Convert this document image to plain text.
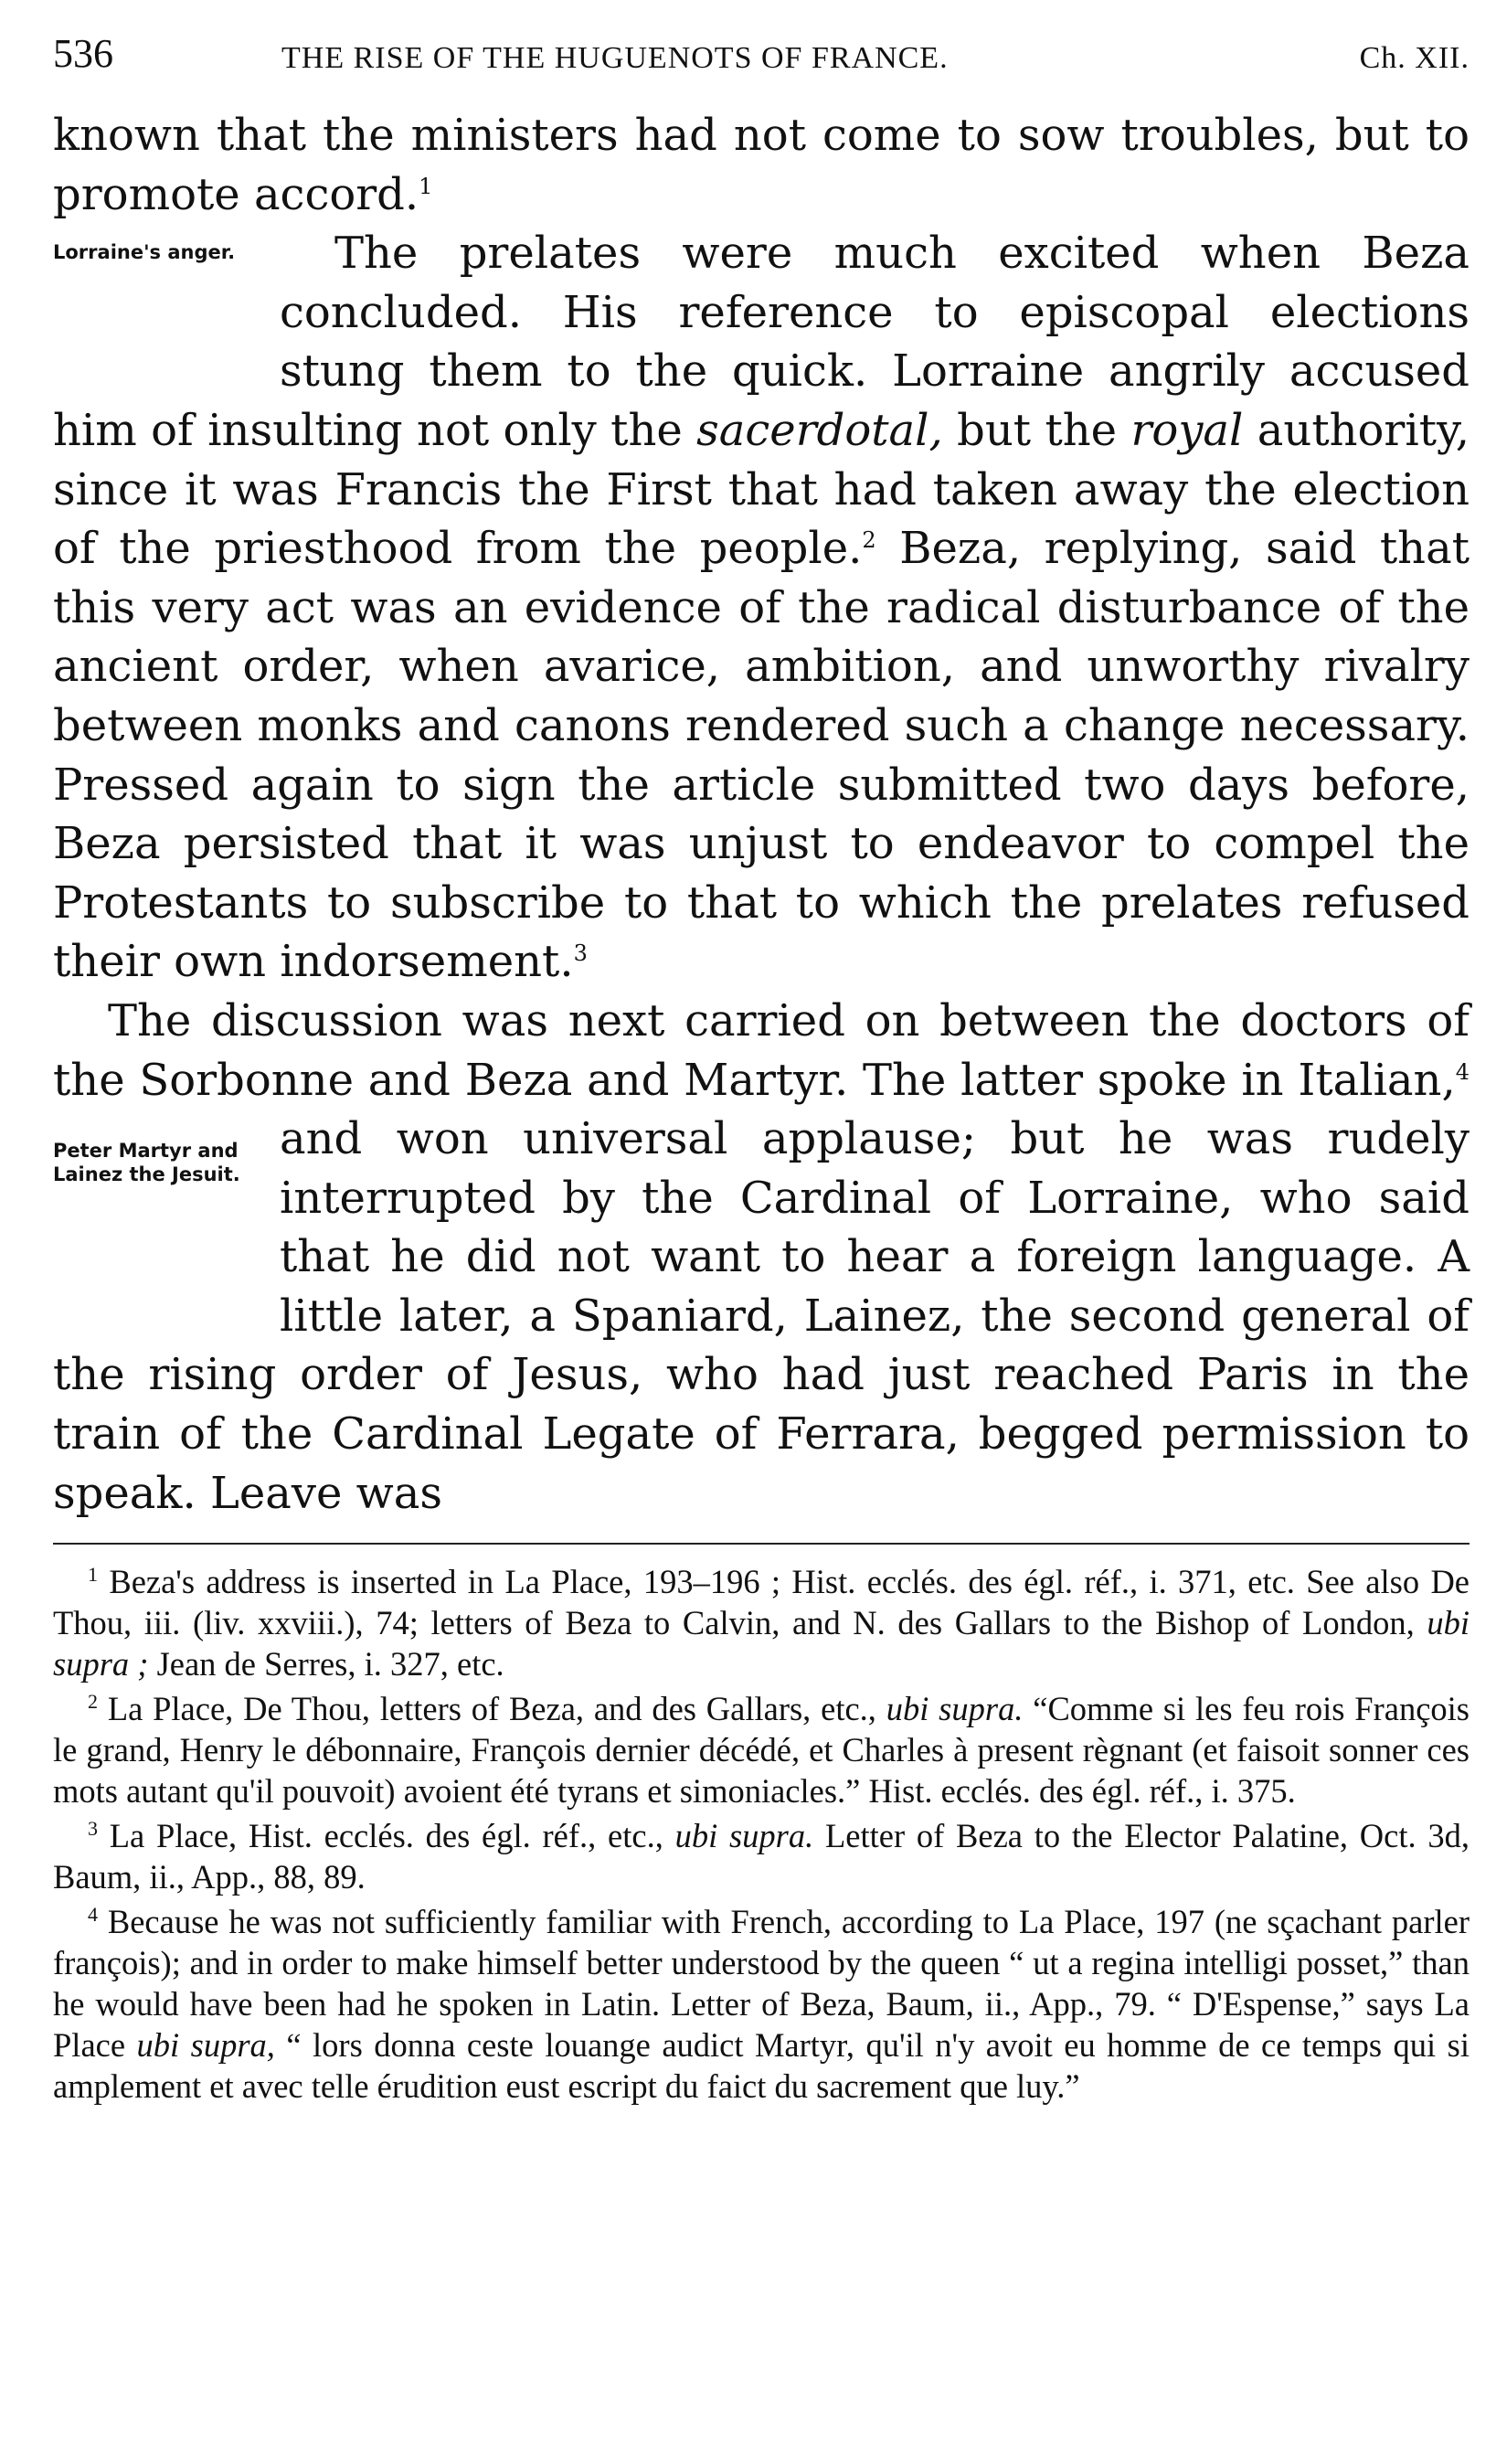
536	THE RISE OF THE HUGUENOTS OF FRANCE.	Ch. XII.

known that the ministers had not come to sow troubles, but to promote accord.$^1$

Lorraine's anger.	The prelates were much excited when Beza concluded. His reference to episcopal elections stung them to the quick. Lorraine angrily accused him of insulting not only the sacerdotal, but the royal authority, since it was Francis the First that had taken away the election of the priesthood from the people.$^2$ Beza, replying, said that this very act was an evidence of the radical disturbance of the ancient order, when avarice, ambition, and unworthy rivalry between monks and canons rendered such a change necessary. Pressed again to sign the article submitted two days before, Beza persisted that it was unjust to endeavor to compel the Protestants to subscribe to that to which the prelates refused their own indorsement.$^3$

The discussion was next carried on between the doctors of the Sorbonne and Beza and Martyr. The latter spoke in Italian,$^4$
Peter Martyr and Lainez the Jesuit.
and won universal applause; but he was rudely interrupted by the Cardinal of Lorraine, who said that he did not want to hear a foreign language. A little later, a Spaniard, Lainez, the second general of the rising order of Jesus, who had just reached Paris in the train of the Cardinal Legate of Ferrara, begged permission to speak. Leave was

$^1$ Beza's address is inserted in La Place, 193–196 ; Hist. ecclés. des égl. réf., i. 371, etc. See also De Thou, iii. (liv. xxviii.), 74; letters of Beza to Calvin, and N. des Gallars to the Bishop of London, ubi supra ; Jean de Serres, i. 327, etc.

$^2$ La Place, De Thou, letters of Beza, and des Gallars, etc., ubi supra. “Comme si les feu rois François le grand, Henry le débonnaire, François dernier décédé, et Charles à present règnant (et faisoit sonner ces mots autant qu'il pouvoit) avoient été tyrans et simoniacles.” Hist. ecclés. des égl. réf., i. 375.

$^3$ La Place, Hist. ecclés. des égl. réf., etc., ubi supra. Letter of Beza to the Elector Palatine, Oct. 3d, Baum, ii., App., 88, 89.

$^4$ Because he was not sufficiently familiar with French, according to La Place, 197 (ne sçachant parler françois); and in order to make himself better understood by the queen “ ut a regina intelligi posset,” than he would have been had he spoken in Latin. Letter of Beza, Baum, ii., App., 79. “ D'Espense,” says La Place ubi supra, “ lors donna ceste louange audict Martyr, qu'il n'y avoit eu homme de ce temps qui si amplement et avec telle érudition eust escript du faict du sacrement que luy.”
